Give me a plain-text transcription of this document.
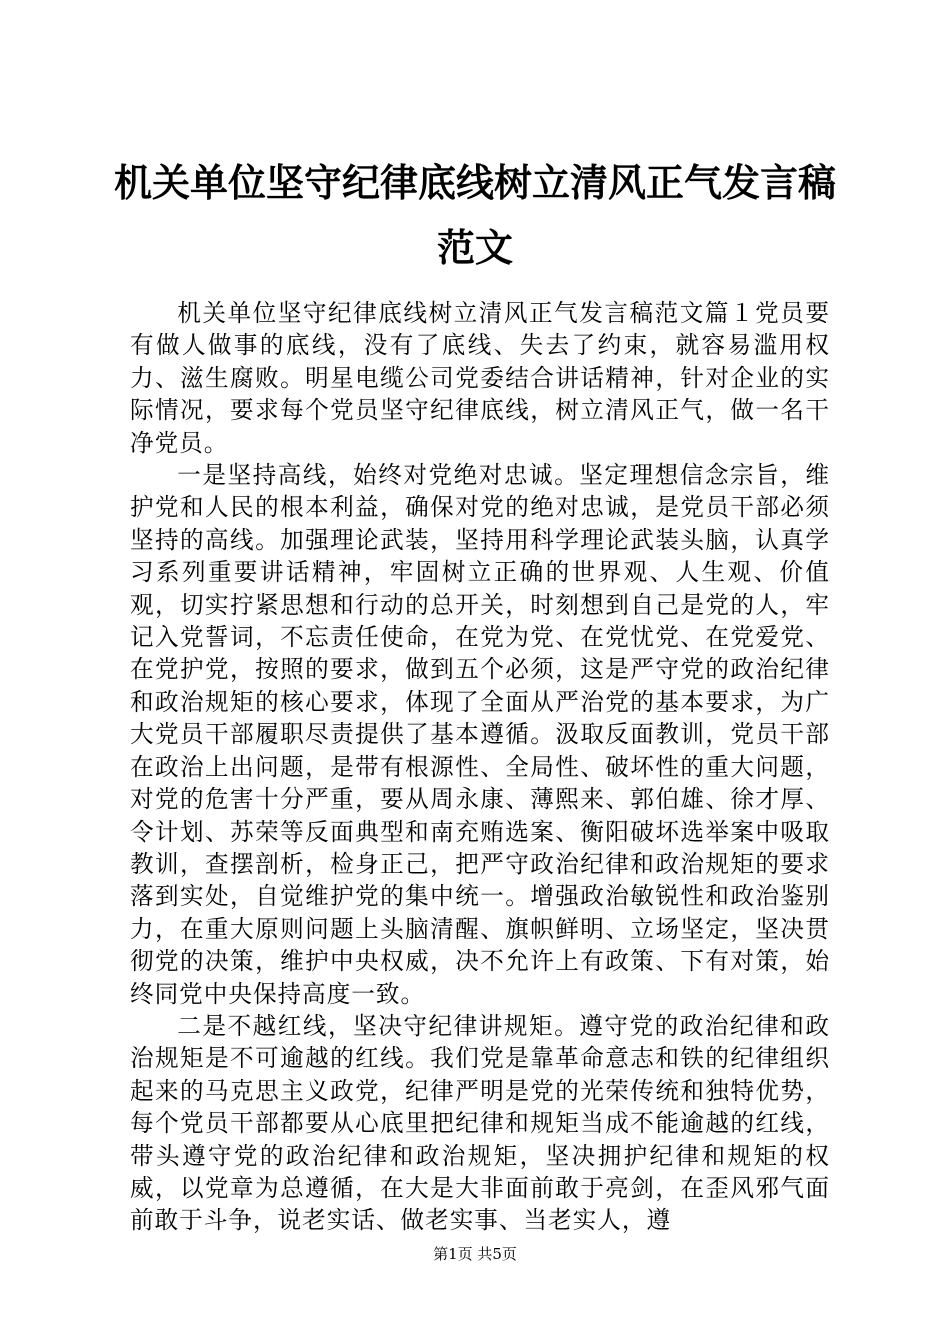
机关单位坚守纪律底线树立清风正气发言稿范文

机关单位坚守纪律底线树立清风正气发言稿范文篇１党员要有做人做事的底线，没有了底线、失去了约束，就容易滥用权力、滋生腐败。明星电缆公司党委结合讲话精神，针对企业的实际情况，要求每个党员坚守纪律底线，树立清风正气，做一名干净党员。

一是坚持高线，始终对党绝对忠诚。坚定理想信念宗旨，维护党和人民的根本利益，确保对党的绝对忠诚，是党员干部必须坚持的高线。加强理论武装，坚持用科学理论武装头脑，认真学习系列重要讲话精神，牢固树立正确的世界观、人生观、价值观，切实拧紧思想和行动的总开关，时刻想到自己是党的人，牢记入党誓词，不忘责任使命，在党为党、在党忧党、在党爱党、在党护党，按照的要求，做到五个必须，这是严守党的政治纪律和政治规矩的核心要求，体现了全面从严治党的基本要求，为广大党员干部履职尽责提供了基本遵循。汲取反面教训，党员干部在政治上出问题，是带有根源性、全局性、破坏性的重大问题，对党的危害十分严重，要从周永康、薄熙来、郭伯雄、徐才厚、令计划、苏荣等反面典型和南充贿选案、衡阳破坏选举案中吸取教训，查摆剖析，检身正己，把严守政治纪律和政治规矩的要求落到实处，自觉维护党的集中统一。增强政治敏锐性和政治鉴别力，在重大原则问题上头脑清醒、旗帜鲜明、立场坚定，坚决贯彻党的决策，维护中央权威，决不允许上有政策、下有对策，始终同党中央保持高度一致。

二是不越红线，坚决守纪律讲规矩。遵守党的政治纪律和政治规矩是不可逾越的红线。我们党是靠革命意志和铁的纪律组织起来的马克思主义政党，纪律严明是党的光荣传统和独特优势，每个党员干部都要从心底里把纪律和规矩当成不能逾越的红线，带头遵守党的政治纪律和政治规矩，坚决拥护纪律和规矩的权威，以党章为总遵循，在大是大非面前敢于亮剑，在歪风邪气面前敢于斗争，说老实话、做老实事、当老实人，遵

第1页 共5页
